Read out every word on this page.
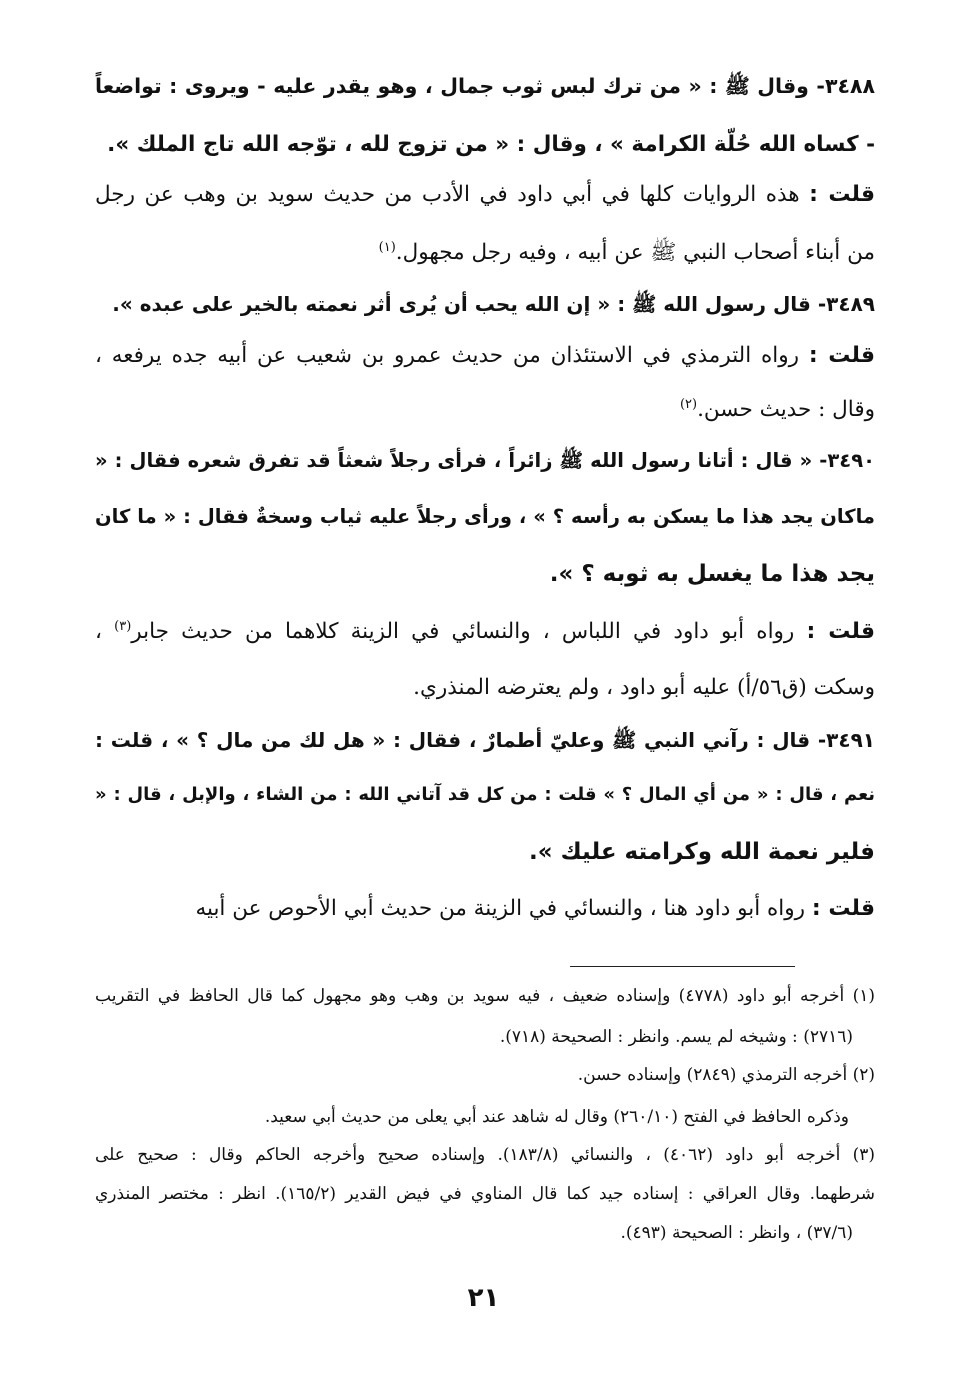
٣٤٨٨- وقال ﷺ : « من ترك لبس ثوب جمال ، وهو يقدر عليه - ويروى : تواضعاً
- كساه الله حُلّة الكرامة » ، وقال : « من تزوج لله ، توّجه الله تاج الملك ».
قلت : هذه الروايات كلها في أبي داود في الأدب من حديث سويد بن وهب عن رجل
من أبناء أصحاب النبي ﷺ عن أبيه ، وفيه رجل مجهول.$^{(١)}$
٣٤٨٩- قال رسول الله ﷺ : « إن الله يحب أن يُرى أثر نعمته بالخير على عبده ».
قلت : رواه الترمذي في الاستئذان من حديث عمرو بن شعيب عن أبيه جده يرفعه ،
وقال : حديث حسن.$^{(٢)}$
٣٤٩٠- « قال : أتانا رسول الله ﷺ زائراً ، فرأى رجلاً شعثاً قد تفرق شعره فقال : «
ماكان يجد هذا ما يسكن به رأسه ؟ » ، ورأى رجلاً عليه ثياب وسخةٌ فقال : « ما كان
يجد هذا ما يغسل به ثوبه ؟ ».
قلت : رواه أبو داود في اللباس ، والنسائي في الزينة كلاهما من حديث جابر$^{(٣)}$ ،
وسكت (ق٥٦/أ) عليه أبو داود ، ولم يعترضه المنذري.
٣٤٩١- قال : رآني النبي ﷺ وعليّ أطمارٌ ، فقال : « هل لك من مال ؟ » ، قلت :
نعم ، قال : « من أي المال ؟ » قلت : من كل قد آتاني الله : من الشاء ، والإبل ، قال : «
فلير نعمة الله وكرامته عليك ».
قلت : رواه أبو داود هنا ، والنسائي في الزينة من حديث أبي الأحوص عن أبيه
(١) أخرجه أبو داود (٤٧٧٨) وإسناده ضعيف ، فيه سويد بن وهب وهو مجهول كما قال الحافظ في التقريب
(٢٧١٦) : وشيخه لم يسم. وانظر : الصحيحة (٧١٨).
(٢) أخرجه الترمذي (٢٨٤٩) وإسناده حسن.
وذكره الحافظ في الفتح (٢٦٠/١٠) وقال له شاهد عند أبي يعلى من حديث أبي سعيد.
(٣) أخرجه أبو داود (٤٠٦٢) ، والنسائي (١٨٣/٨). وإسناده صحيح وأخرجه الحاكم وقال : صحيح على
شرطهما. وقال العراقي : إسناده جيد كما قال المناوي في فيض القدير (١٦٥/٢). انظر : مختصر المنذري
(٣٧/٦) ، وانظر : الصحيحة (٤٩٣).
٢١
